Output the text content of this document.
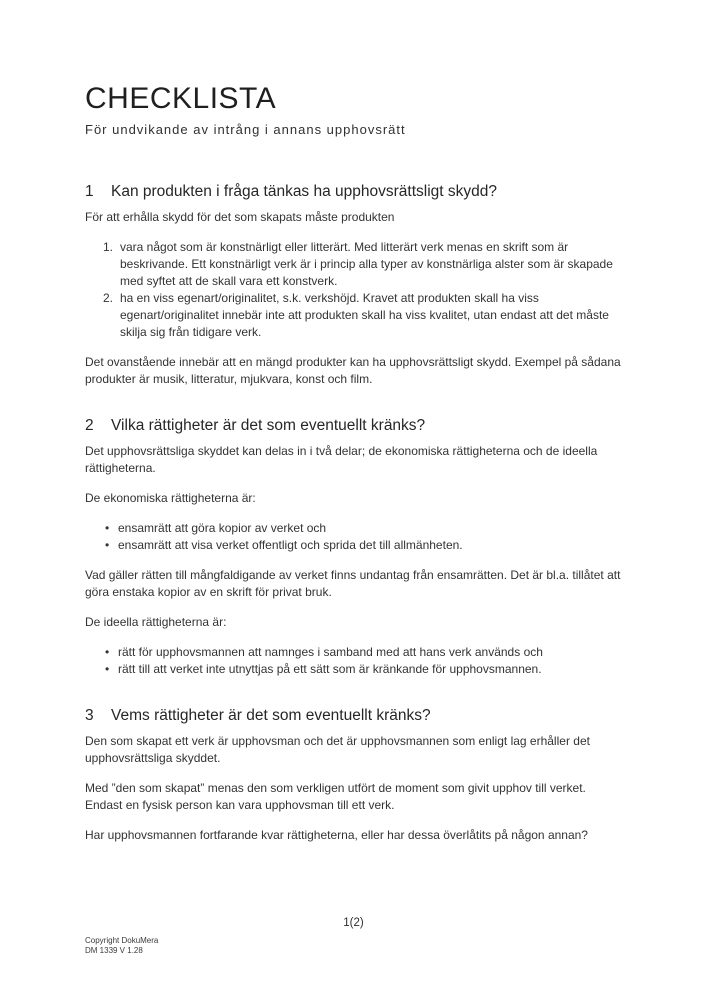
CHECKLISTA
För undvikande av intrång i annans upphovsrätt
1	Kan produkten i fråga tänkas ha upphovsrättsligt skydd?

För att erhålla skydd för det som skapats måste produkten

1. vara något som är konstnärligt eller litterärt. Med litterärt verk menas en skrift som är beskrivande. Ett konstnärligt verk är i princip alla typer av konstnärliga alster som är skapade med syftet att de skall vara ett konstverk.
2. ha en viss egenart/originalitet, s.k. verkshöjd. Kravet att produkten skall ha viss egenart/originalitet innebär inte att produkten skall ha viss kvalitet, utan endast att det måste skilja sig från tidigare verk.

Det ovanstående innebär att en mängd produkter kan ha upphovsrättsligt skydd. Exempel på sådana produkter är musik, litteratur, mjukvara, konst och film.

2	Vilka rättigheter är det som eventuellt kränks?

Det upphovsrättsliga skyddet kan delas in i två delar; de ekonomiska rättigheterna och de ideella rättigheterna.

De ekonomiska rättigheterna är:

• ensamrätt att göra kopior av verket och
• ensamrätt att visa verket offentligt och sprida det till allmänheten.

Vad gäller rätten till mångfaldigande av verket finns undantag från ensamrätten. Det är bl.a. tillåtet att göra enstaka kopior av en skrift för privat bruk.

De ideella rättigheterna är:

• rätt för upphovsmannen att namnges i samband med att hans verk används och
• rätt till att verket inte utnyttjas på ett sätt som är kränkande för upphovsmannen.
3	Vems rättigheter är det som eventuellt kränks?

Den som skapat ett verk är upphovsman och det är upphovsmannen som enligt lag erhåller det upphovsrättsliga skyddet.

Med ”den som skapat” menas den som verkligen utfört de moment som givit upphov till verket. Endast en fysisk person kan vara upphovsman till ett verk.

Har upphovsmannen fortfarande kvar rättigheterna, eller har dessa överlåtits på någon annan?

1(2)
Copyright DokuMera
DM 1339 V 1.28
